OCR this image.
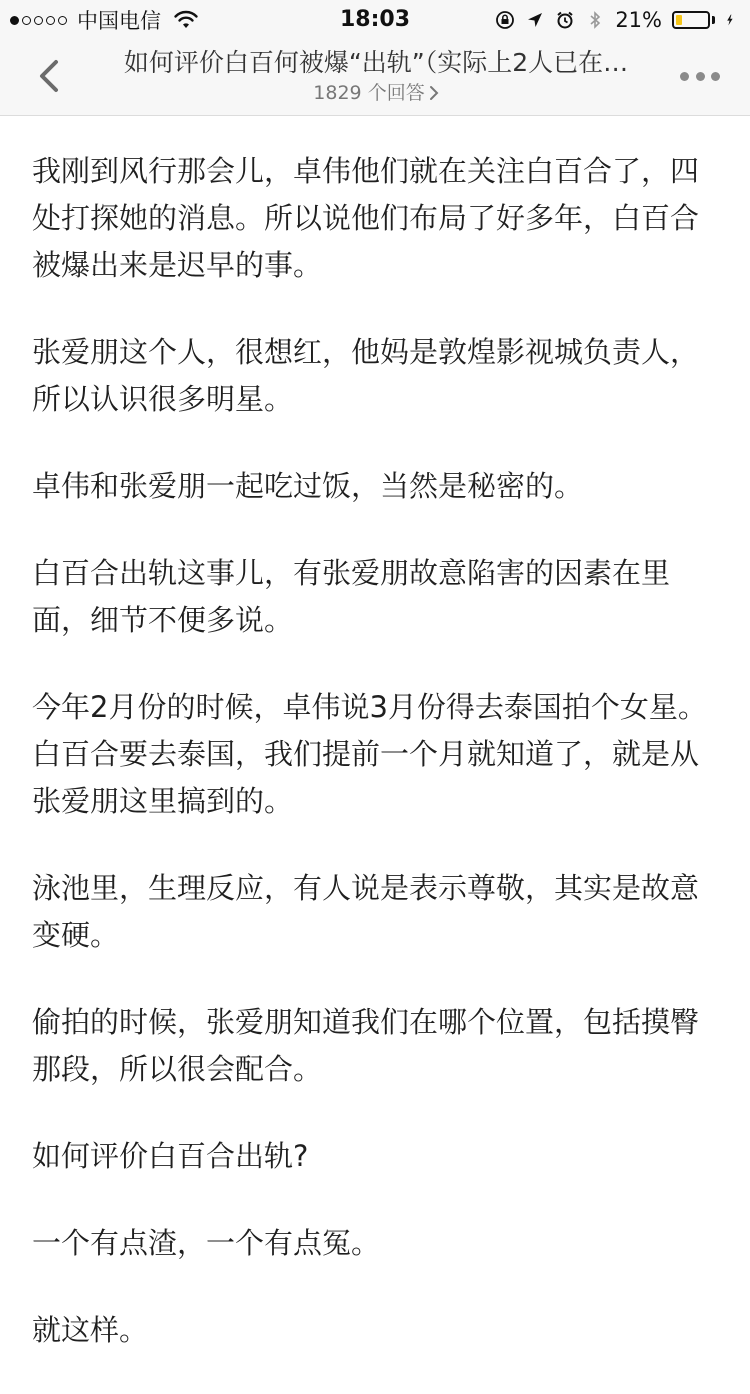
中国电信	18:03	21%
如何评价白百何被爆“出轨”（实际上2人已在…
1829 个回答

我刚到风行那会儿，卓伟他们就在关注白百合了，四处打探她的消息。所以说他们布局了好多年，白百合被爆出来是迟早的事。

张爱朋这个人，很想红，他妈是敦煌影视城负责人，所以认识很多明星。

卓伟和张爱朋一起吃过饭，当然是秘密的。

白百合出轨这事儿，有张爱朋故意陷害的因素在里面，细节不便多说。

今年2月份的时候，卓伟说3月份得去泰国拍个女星。白百合要去泰国，我们提前一个月就知道了，就是从张爱朋这里搞到的。

泳池里，生理反应，有人说是表示尊敬，其实是故意变硬。

偷拍的时候，张爱朋知道我们在哪个位置，包括摸臀那段，所以很会配合。

如何评价白百合出轨?

一个有点渣，一个有点冤。

就这样。
